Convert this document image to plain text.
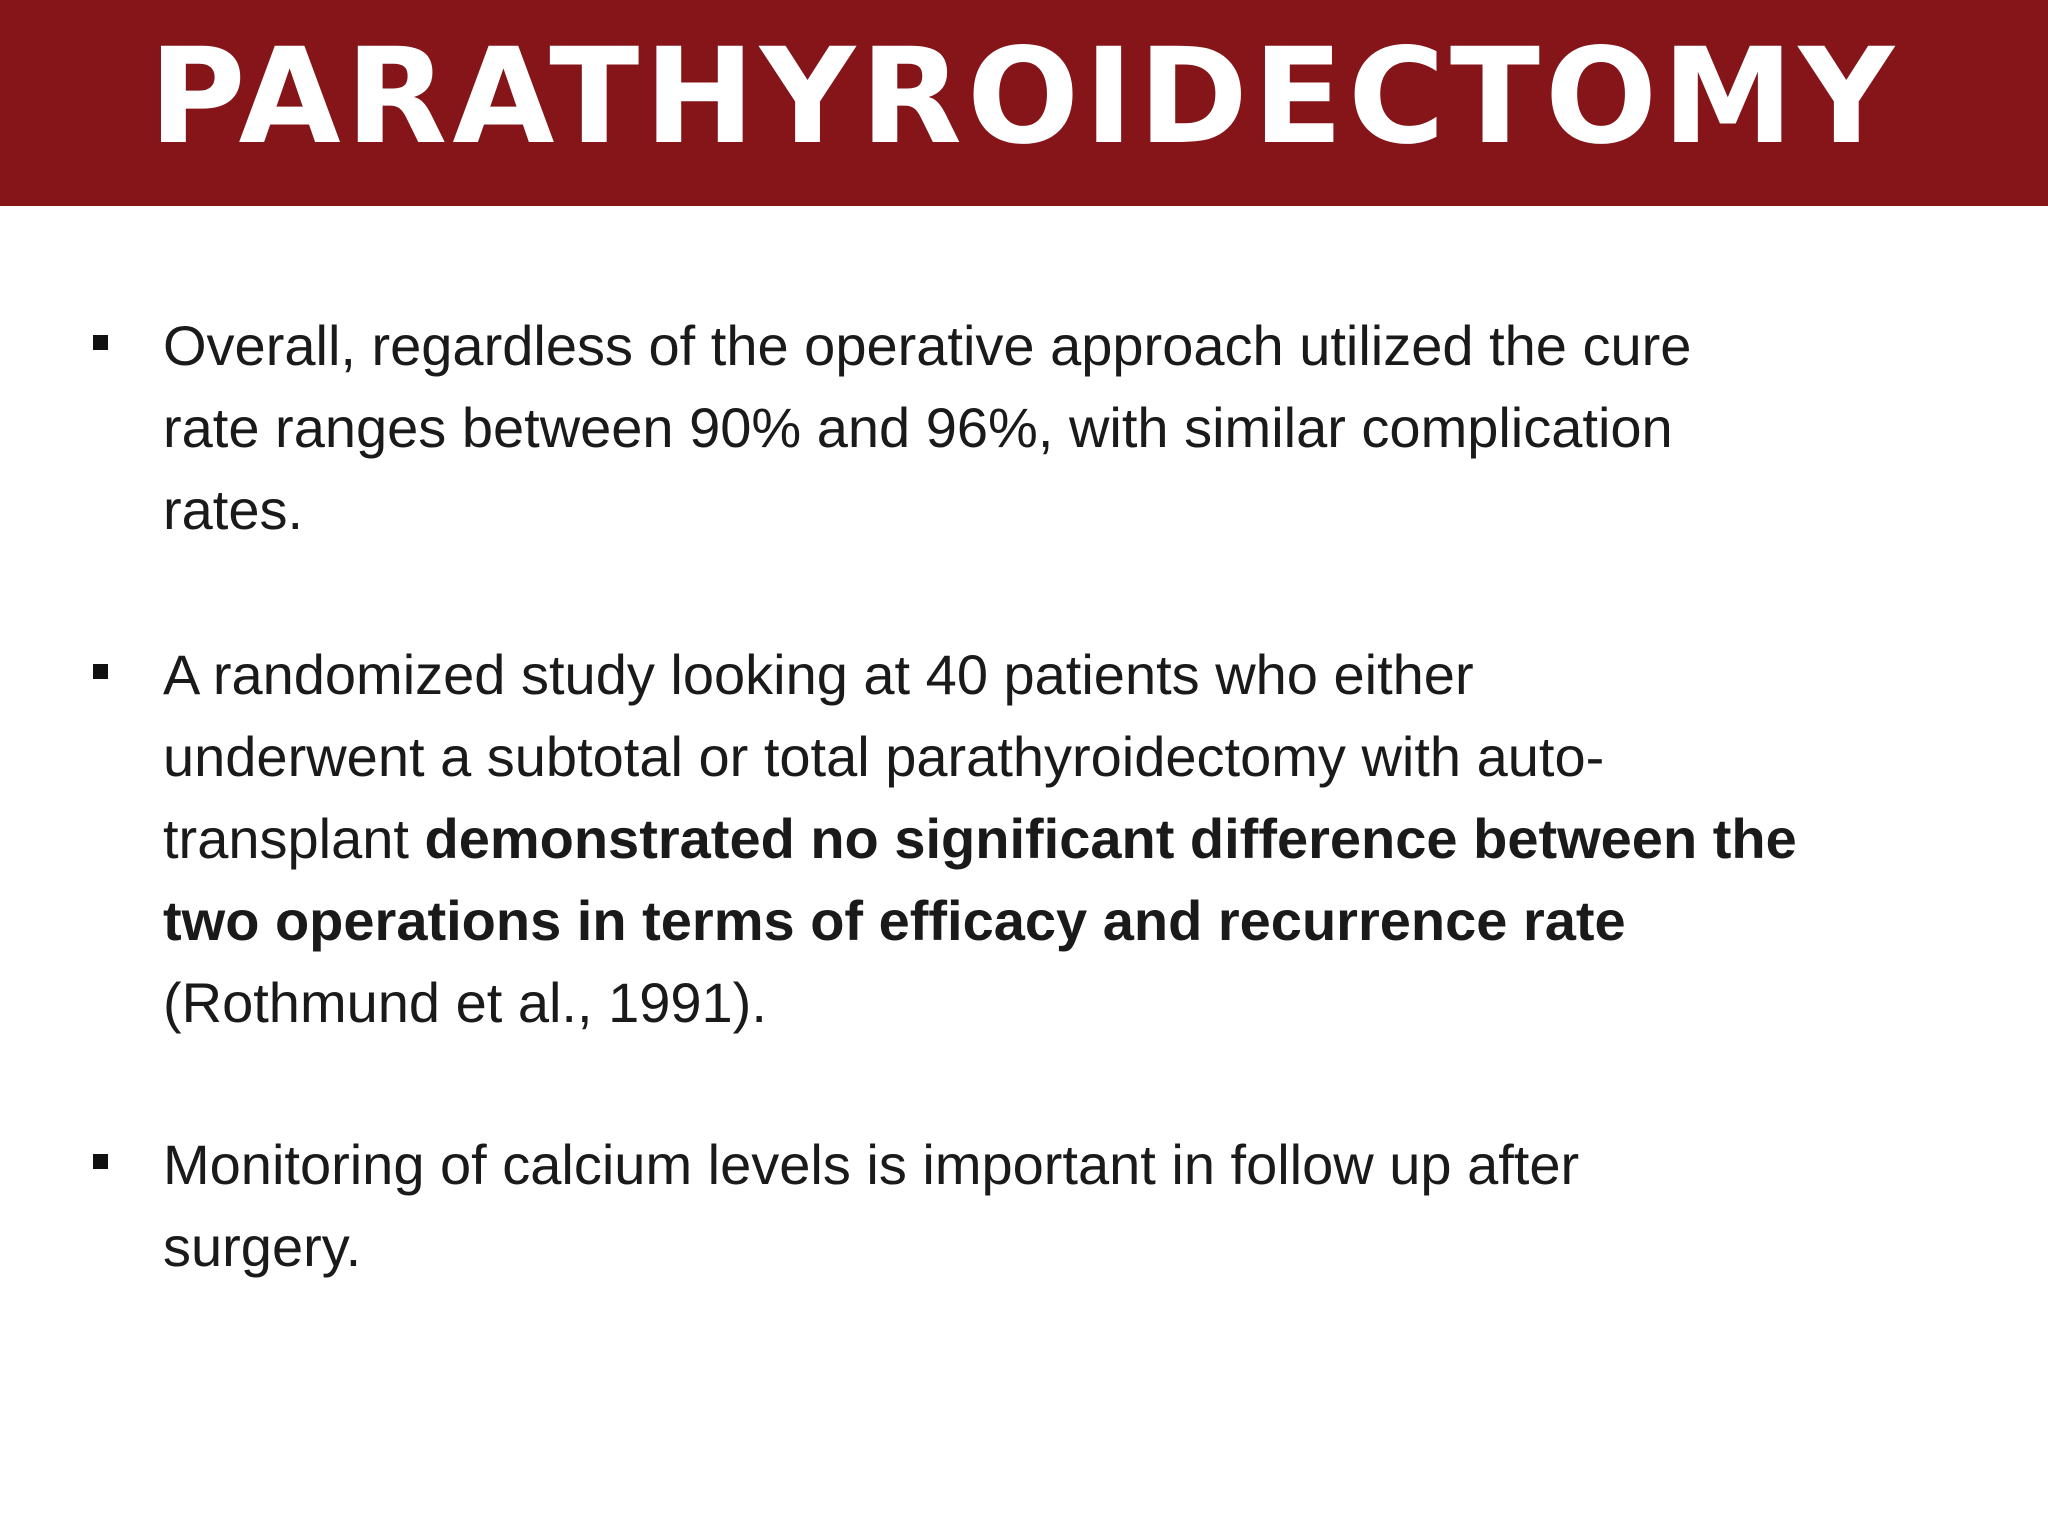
PARATHYROIDECTOMY
Overall, regardless of the operative approach utilized the cure
rate ranges between 90% and 96%, with similar complication
rates.
A randomized study looking at 40 patients who either
underwent a subtotal or total parathyroidectomy with auto-
transplant demonstrated no significant difference between the
two operations in terms of efficacy and recurrence rate
(Rothmund et al., 1991).
Monitoring of calcium levels is important in follow up after
surgery.
